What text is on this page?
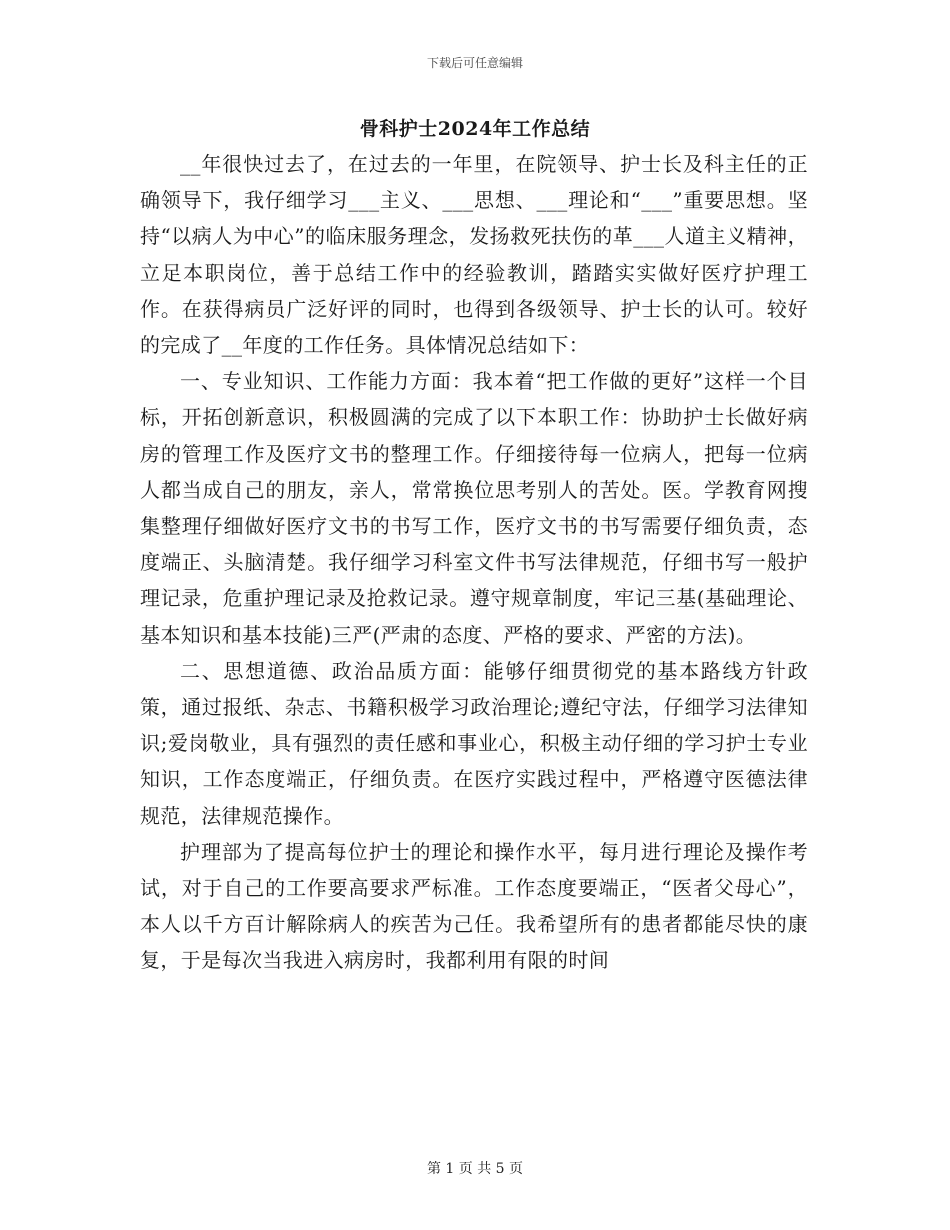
下载后可任意编辑
骨科护士2024年工作总结

__年很快过去了，在过去的一年里，在院领导、护士长及科主任的正确领导下，我仔细学习___主义、___思想、___理论和“___”重要思想。坚持“以病人为中心”的临床服务理念，发扬救死扶伤的革___人道主义精神，立足本职岗位，善于总结工作中的经验教训，踏踏实实做好医疗护理工作。在获得病员广泛好评的同时，也得到各级领导、护士长的认可。较好的完成了__年度的工作任务。具体情况总结如下：

一、专业知识、工作能力方面：我本着“把工作做的更好”这样一个目标，开拓创新意识，积极圆满的完成了以下本职工作：协助护士长做好病房的管理工作及医疗文书的整理工作。仔细接待每一位病人，把每一位病人都当成自己的朋友，亲人，常常换位思考别人的苦处。医。学教育网搜集整理仔细做好医疗文书的书写工作，医疗文书的书写需要仔细负责，态度端正、头脑清楚。我仔细学习科室文件书写法律规范，仔细书写一般护理记录，危重护理记录及抢救记录。遵守规章制度，牢记三基(基础理论、基本知识和基本技能)三严(严肃的态度、严格的要求、严密的方法)。

二、思想道德、政治品质方面：能够仔细贯彻党的基本路线方针政策，通过报纸、杂志、书籍积极学习政治理论;遵纪守法，仔细学习法律知识;爱岗敬业，具有强烈的责任感和事业心，积极主动仔细的学习护士专业知识，工作态度端正，仔细负责。在医疗实践过程中，严格遵守医德法律规范，法律规范操作。

护理部为了提高每位护士的理论和操作水平，每月进行理论及操作考试，对于自己的工作要高要求严标准。工作态度要端正，“医者父母心”，本人以千方百计解除病人的疾苦为己任。我希望所有的患者都能尽快的康复，于是每次当我进入病房时，我都利用有限的时间

第 1 页 共 5 页
